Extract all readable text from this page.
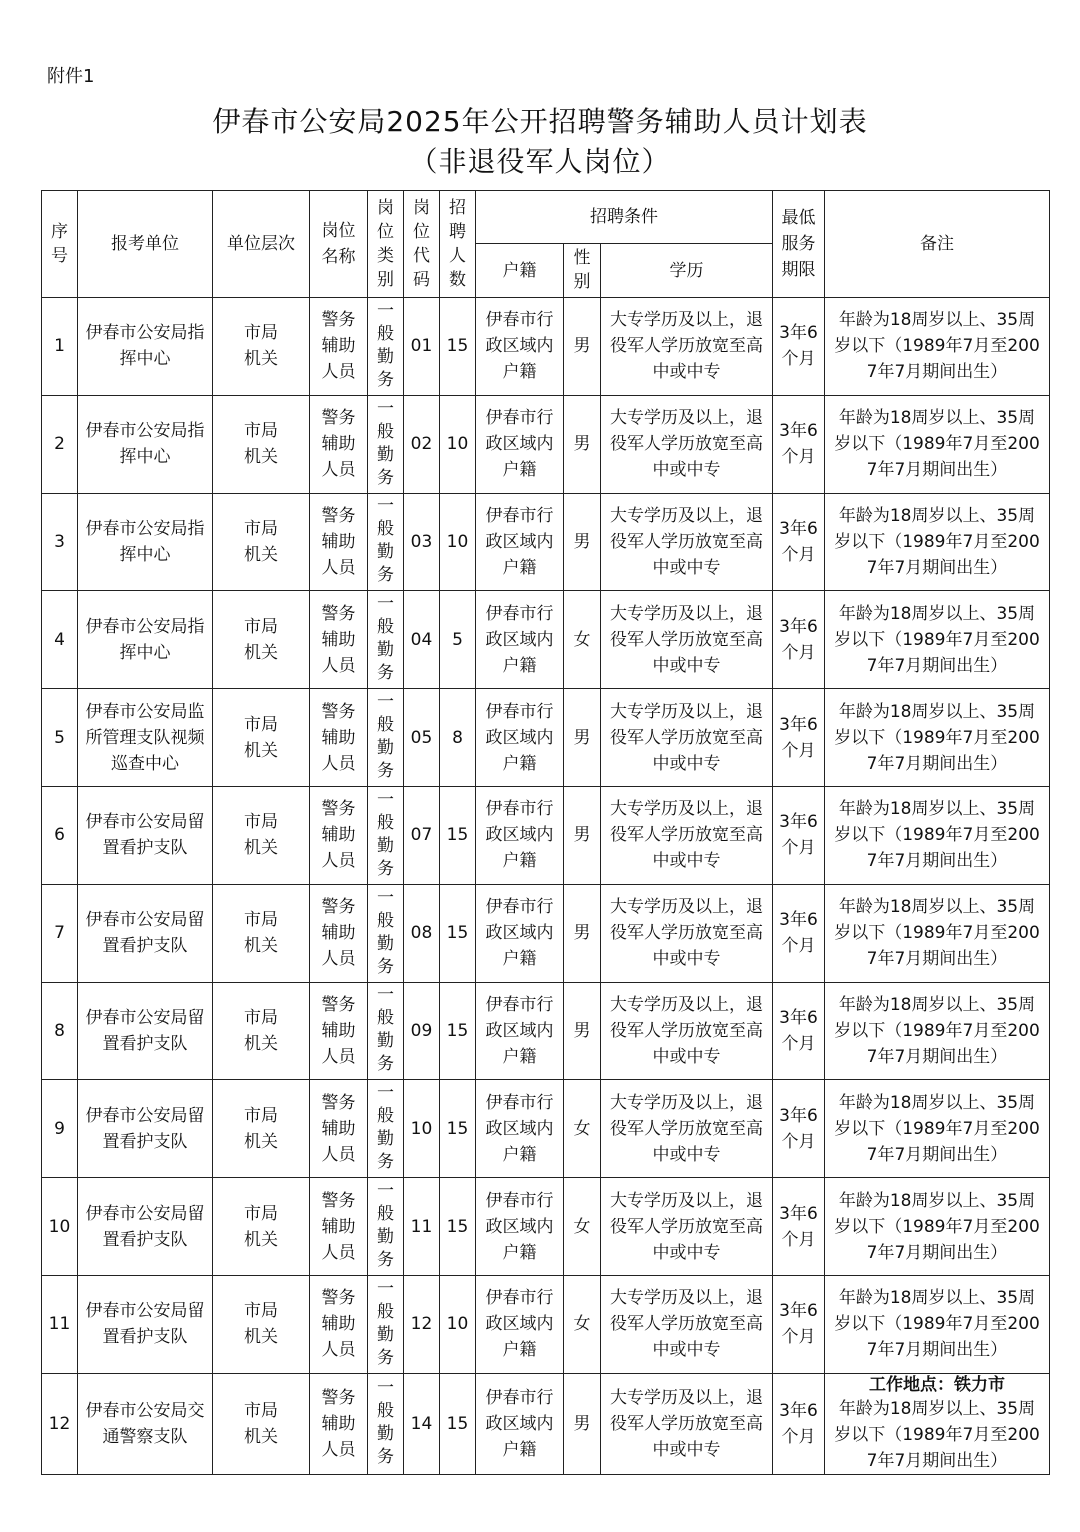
附件1
伊春市公安局2025年公开招聘警务辅助人员计划表
（非退役军人岗位）
序号	报考单位	单位层次	岗位名称	岗位类别	岗位代码	招聘人数	招聘条件			最低服务期限	备注
							户籍	性别	学历		
1	伊春市公安局指挥中心	市局机关	警务辅助人员	一般勤务	01	15	伊春市行政区域内户籍	男	大专学历及以上，退役军人学历放宽至高中或中专	3年6个月	年龄为18周岁以上、35周岁以下（1989年7月至2007年7月期间出生）
2	伊春市公安局指挥中心	市局机关	警务辅助人员	一般勤务	02	10	伊春市行政区域内户籍	男	大专学历及以上，退役军人学历放宽至高中或中专	3年6个月	年龄为18周岁以上、35周岁以下（1989年7月至2007年7月期间出生）
3	伊春市公安局指挥中心	市局机关	警务辅助人员	一般勤务	03	10	伊春市行政区域内户籍	男	大专学历及以上，退役军人学历放宽至高中或中专	3年6个月	年龄为18周岁以上、35周岁以下（1989年7月至2007年7月期间出生）
4	伊春市公安局指挥中心	市局机关	警务辅助人员	一般勤务	04	5	伊春市行政区域内户籍	女	大专学历及以上，退役军人学历放宽至高中或中专	3年6个月	年龄为18周岁以上、35周岁以下（1989年7月至2007年7月期间出生）
5	伊春市公安局监所管理支队视频巡查中心	市局机关	警务辅助人员	一般勤务	05	8	伊春市行政区域内户籍	男	大专学历及以上，退役军人学历放宽至高中或中专	3年6个月	年龄为18周岁以上、35周岁以下（1989年7月至2007年7月期间出生）
6	伊春市公安局留置看护支队	市局机关	警务辅助人员	一般勤务	07	15	伊春市行政区域内户籍	男	大专学历及以上，退役军人学历放宽至高中或中专	3年6个月	年龄为18周岁以上、35周岁以下（1989年7月至2007年7月期间出生）
7	伊春市公安局留置看护支队	市局机关	警务辅助人员	一般勤务	08	15	伊春市行政区域内户籍	男	大专学历及以上，退役军人学历放宽至高中或中专	3年6个月	年龄为18周岁以上、35周岁以下（1989年7月至2007年7月期间出生）
8	伊春市公安局留置看护支队	市局机关	警务辅助人员	一般勤务	09	15	伊春市行政区域内户籍	男	大专学历及以上，退役军人学历放宽至高中或中专	3年6个月	年龄为18周岁以上、35周岁以下（1989年7月至2007年7月期间出生）
9	伊春市公安局留置看护支队	市局机关	警务辅助人员	一般勤务	10	15	伊春市行政区域内户籍	女	大专学历及以上，退役军人学历放宽至高中或中专	3年6个月	年龄为18周岁以上、35周岁以下（1989年7月至2007年7月期间出生）
10	伊春市公安局留置看护支队	市局机关	警务辅助人员	一般勤务	11	15	伊春市行政区域内户籍	女	大专学历及以上，退役军人学历放宽至高中或中专	3年6个月	年龄为18周岁以上、35周岁以下（1989年7月至2007年7月期间出生）
11	伊春市公安局留置看护支队	市局机关	警务辅助人员	一般勤务	12	10	伊春市行政区域内户籍	女	大专学历及以上，退役军人学历放宽至高中或中专	3年6个月	年龄为18周岁以上、35周岁以下（1989年7月至2007年7月期间出生）
12	伊春市公安局交通警察支队	市局机关	警务辅助人员	一般勤务	14	15	伊春市行政区域内户籍	男	大专学历及以上，退役军人学历放宽至高中或中专	3年6个月	工作地点：铁力市
年龄为18周岁以上、35周岁以下（1989年7月至2007年7月期间出生）
